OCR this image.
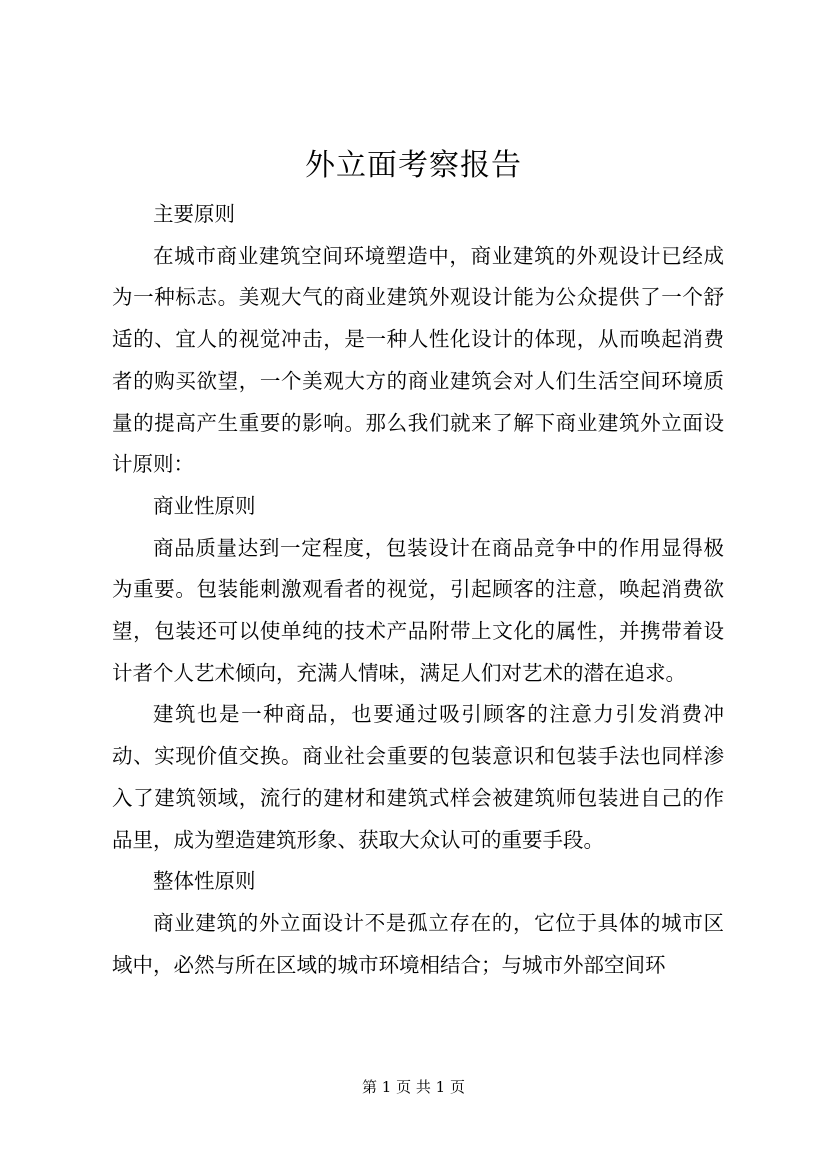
外立面考察报告

主要原则

在城市商业建筑空间环境塑造中，商业建筑的外观设计已经成为一种标志。美观大气的商业建筑外观设计能为公众提供了一个舒适的、宜人的视觉冲击，是一种人性化设计的体现，从而唤起消费者的购买欲望，一个美观大方的商业建筑会对人们生活空间环境质量的提高产生重要的影响。那么我们就来了解下商业建筑外立面设计原则：

商业性原则

商品质量达到一定程度，包装设计在商品竞争中的作用显得极为重要。包装能刺激观看者的视觉，引起顾客的注意，唤起消费欲望，包装还可以使单纯的技术产品附带上文化的属性，并携带着设计者个人艺术倾向，充满人情味，满足人们对艺术的潜在追求。

建筑也是一种商品，也要通过吸引顾客的注意力引发消费冲动、实现价值交换。商业社会重要的包装意识和包装手法也同样渗入了建筑领域，流行的建材和建筑式样会被建筑师包装进自己的作品里，成为塑造建筑形象、获取大众认可的重要手段。

整体性原则

商业建筑的外立面设计不是孤立存在的，它位于具体的城市区域中，必然与所在区域的城市环境相结合；与城市外部空间环

第 1 页 共 1 页
